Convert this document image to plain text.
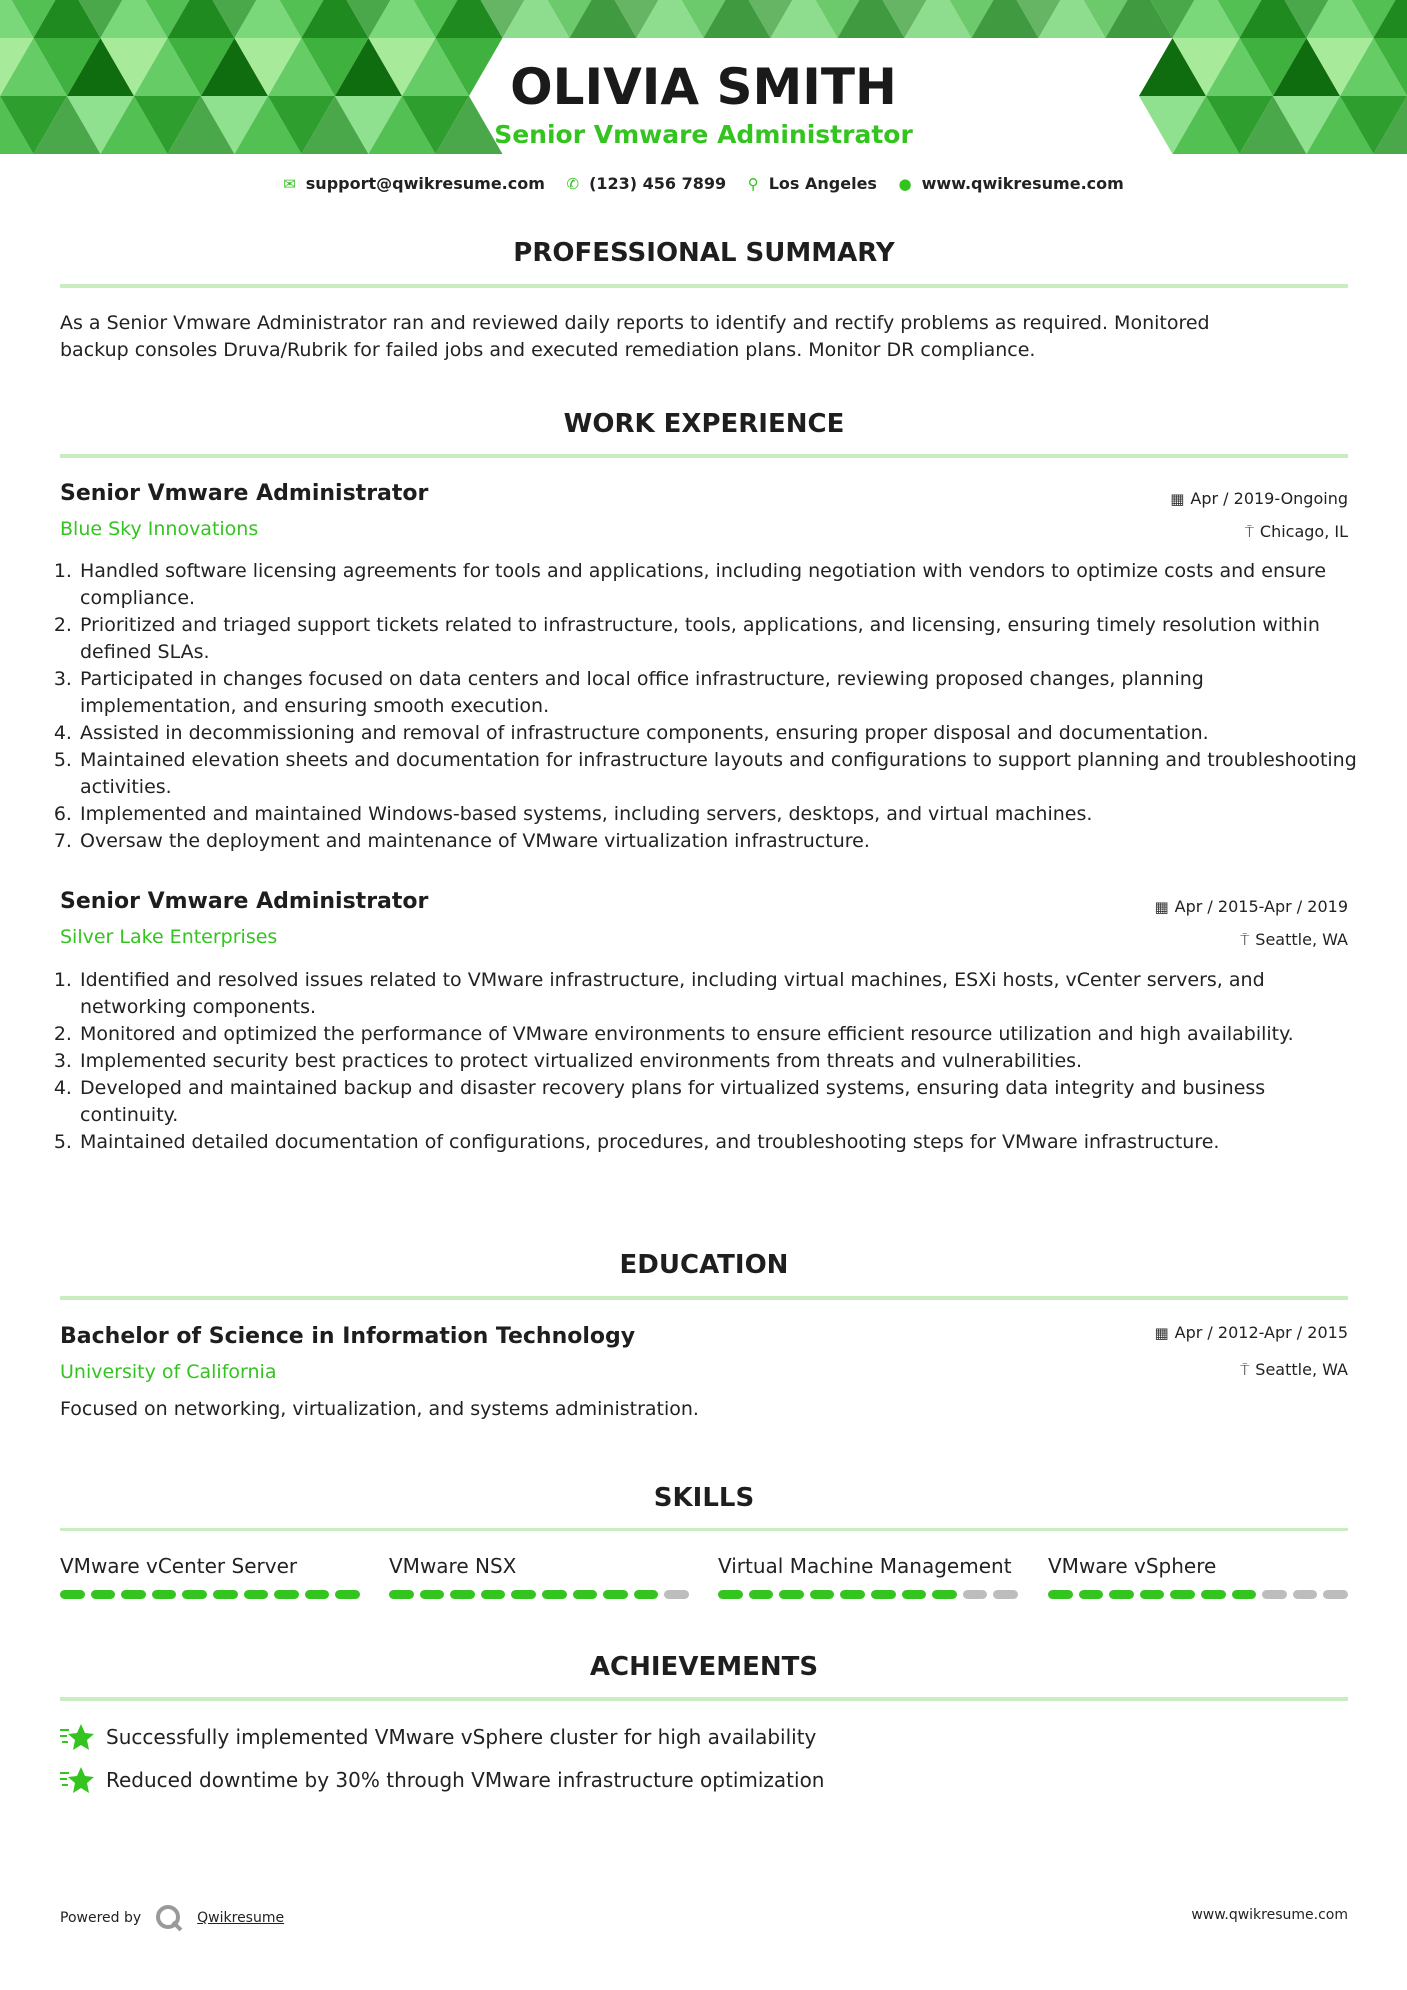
OLIVIA SMITH
Senior Vmware Administrator
✉ support@qwikresume.com ✆ (123) 456 7899 ⚲ Los Angeles ● www.qwikresume.com
PROFESSIONAL SUMMARY
As a Senior Vmware Administrator ran and reviewed daily reports to identify and rectify problems as required. Monitored
backup consoles Druva/Rubrik for failed jobs and executed remediation plans. Monitor DR compliance.
WORK EXPERIENCE
Senior Vmware Administrator
Blue Sky Innovations
▦ Apr / 2019-Ongoing
⍑ Chicago, IL
1. Handled software licensing agreements for tools and applications, including negotiation with vendors to optimize costs and ensure compliance.
2. Prioritized and triaged support tickets related to infrastructure, tools, applications, and licensing, ensuring timely resolution within defined SLAs.
3. Participated in changes focused on data centers and local office infrastructure, reviewing proposed changes, planning implementation, and ensuring smooth execution.
4. Assisted in decommissioning and removal of infrastructure components, ensuring proper disposal and documentation.
5. Maintained elevation sheets and documentation for infrastructure layouts and configurations to support planning and troubleshooting activities.
6. Implemented and maintained Windows-based systems, including servers, desktops, and virtual machines.
7. Oversaw the deployment and maintenance of VMware virtualization infrastructure.
Senior Vmware Administrator
Silver Lake Enterprises
▦ Apr / 2015-Apr / 2019
⍑ Seattle, WA
1. Identified and resolved issues related to VMware infrastructure, including virtual machines, ESXi hosts, vCenter servers, and networking components.
2. Monitored and optimized the performance of VMware environments to ensure efficient resource utilization and high availability.
3. Implemented security best practices to protect virtualized environments from threats and vulnerabilities.
4. Developed and maintained backup and disaster recovery plans for virtualized systems, ensuring data integrity and business continuity.
5. Maintained detailed documentation of configurations, procedures, and troubleshooting steps for VMware infrastructure.
EDUCATION
Bachelor of Science in Information Technology
University of California
▦ Apr / 2012-Apr / 2015
⍑ Seattle, WA
Focused on networking, virtualization, and systems administration.
SKILLS
VMware vCenter Server	VMware NSX	Virtual Machine Management	VMware vSphere
ACHIEVEMENTS
Successfully implemented VMware vSphere cluster for high availability
Reduced downtime by 30% through VMware infrastructure optimization
Powered by	Qwikresume	www.qwikresume.com
